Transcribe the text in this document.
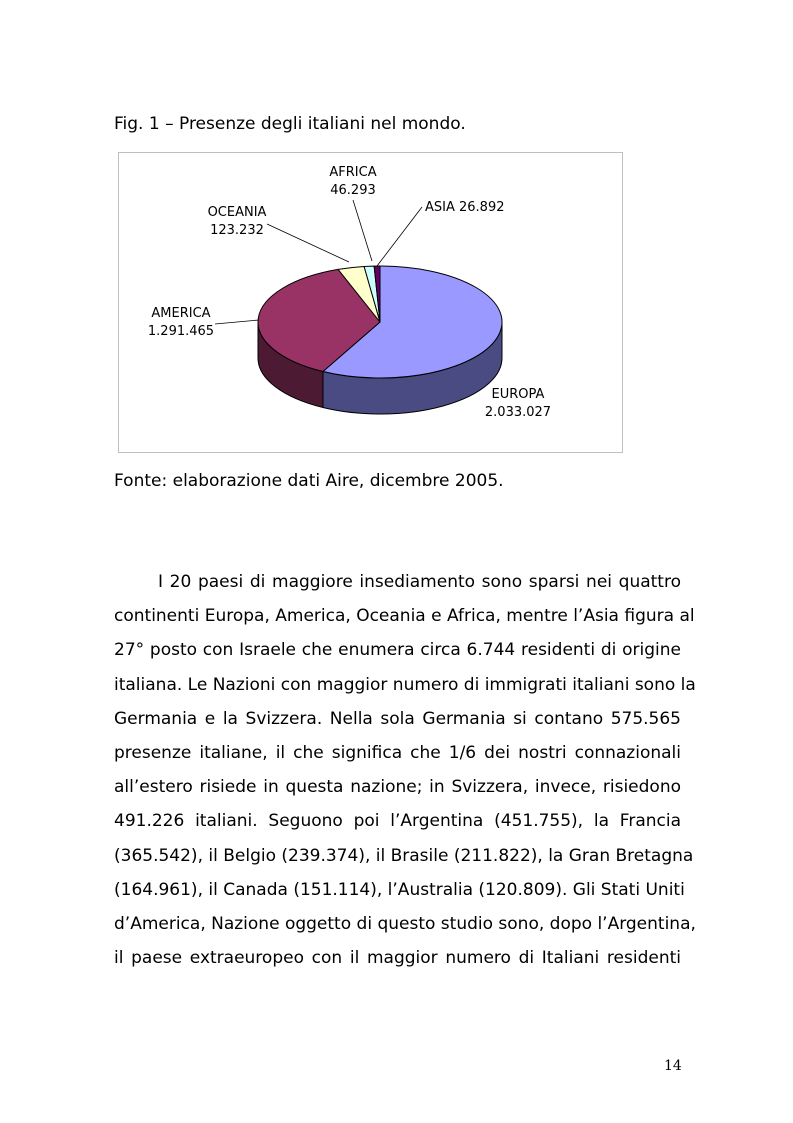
Fig. 1 – Presenze degli italiani nel mondo.
EUROPA
2.033.027
AMERICA
1.291.465
OCEANIA
123.232
AFRICA
46.293
ASIA 26.892
Fonte: elaborazione dati Aire, dicembre 2005.
I 20 paesi di maggiore insediamento sono sparsi nei quattro
continenti Europa, America, Oceania e Africa, mentre l’Asia figura al
27° posto con Israele che enumera circa 6.744 residenti di origine
italiana. Le Nazioni con maggior numero di immigrati italiani sono la
Germania e la Svizzera. Nella sola Germania si contano 575.565
presenze italiane, il che significa che 1/6 dei nostri connazionali
all’estero risiede in questa nazione; in Svizzera, invece, risiedono
491.226 italiani. Seguono poi l’Argentina (451.755), la Francia
(365.542), il Belgio (239.374), il Brasile (211.822), la Gran Bretagna
(164.961), il Canada (151.114), l’Australia (120.809). Gli Stati Uniti
d’America, Nazione oggetto di questo studio sono, dopo l’Argentina,
il paese extraeuropeo con il maggior numero di Italiani residenti
14
